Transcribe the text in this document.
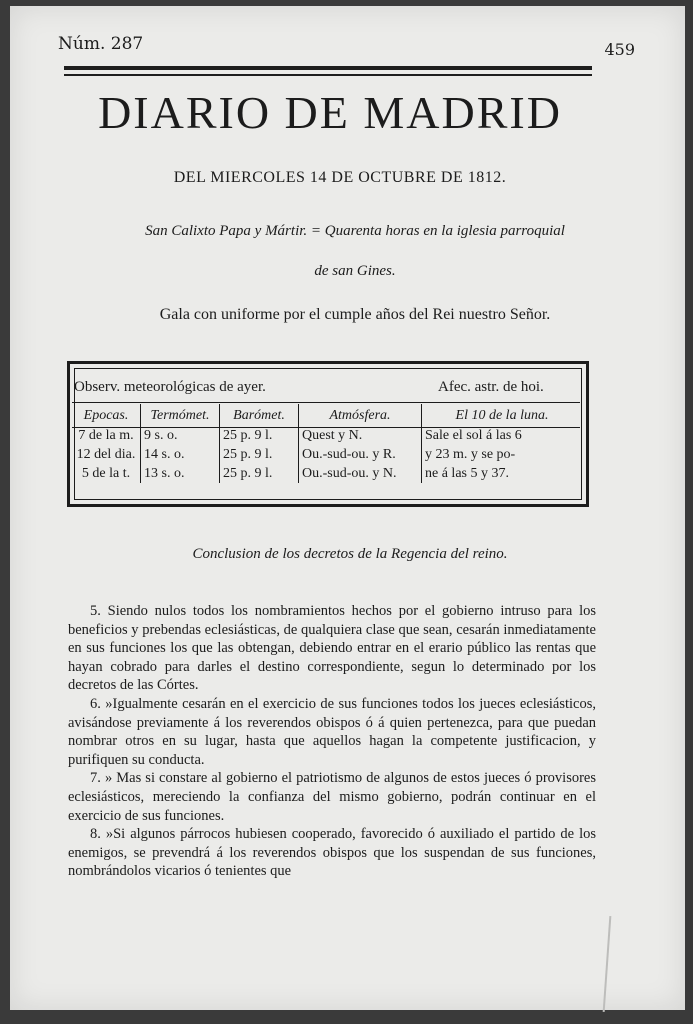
Núm. 287	459
DIARIO DE MADRID
DEL MIERCOLES 14 DE OCTUBRE DE 1812.
San Calixto Papa y Mártir. = Quarenta horas en la iglesia parroquial
de san Gines.
Gala con uniforme por el cumple años del Rei nuestro Señor.
Observ. meteorológicas de ayer.	Afec. astr. de hoi.
Epocas.	Termómet.	Barómet.	Atmósfera.	El 10 de la luna.
7 de la m.	9 s. o.	25 p. 9 l.	Quest y N.	Sale el sol á las 6
12 del dia.	14 s. o.	25 p. 9 l.	Ou.-sud-ou. y R.	y 23 m. y se po-
5 de la t.	13 s. o.	25 p. 9 l.	Ou.-sud-ou. y N.	ne á las 5 y 37.
Conclusion de los decretos de la Regencia del reino.

5. Siendo nulos todos los nombramientos hechos por el gobierno intruso para los beneficios y prebendas eclesiásticas, de qualquiera clase que sean, cesarán inmediatamente en sus funciones los que las obtengan, debiendo entrar en el erario público las rentas que hayan cobrado para darles el destino correspondiente, segun lo determinado por los decretos de las Córtes.

6. »Igualmente cesarán en el exercicio de sus funciones todos los jueces eclesiásticos, avisándose previamente á los reverendos obispos ó á quien pertenezca, para que puedan nombrar otros en su lugar, hasta que aquellos hagan la competente justificacion, y purifiquen su conducta.

7. » Mas si constare al gobierno el patriotismo de algunos de estos jueces ó provisores eclesiásticos, mereciendo la confianza del mismo gobierno, podrán continuar en el exercicio de sus funciones.

8. »Si algunos párrocos hubiesen cooperado, favorecido ó auxiliado el partido de los enemigos, se prevendrá á los reverendos obispos que los suspendan de sus funciones, nombrándolos vicarios ó tenientes que
